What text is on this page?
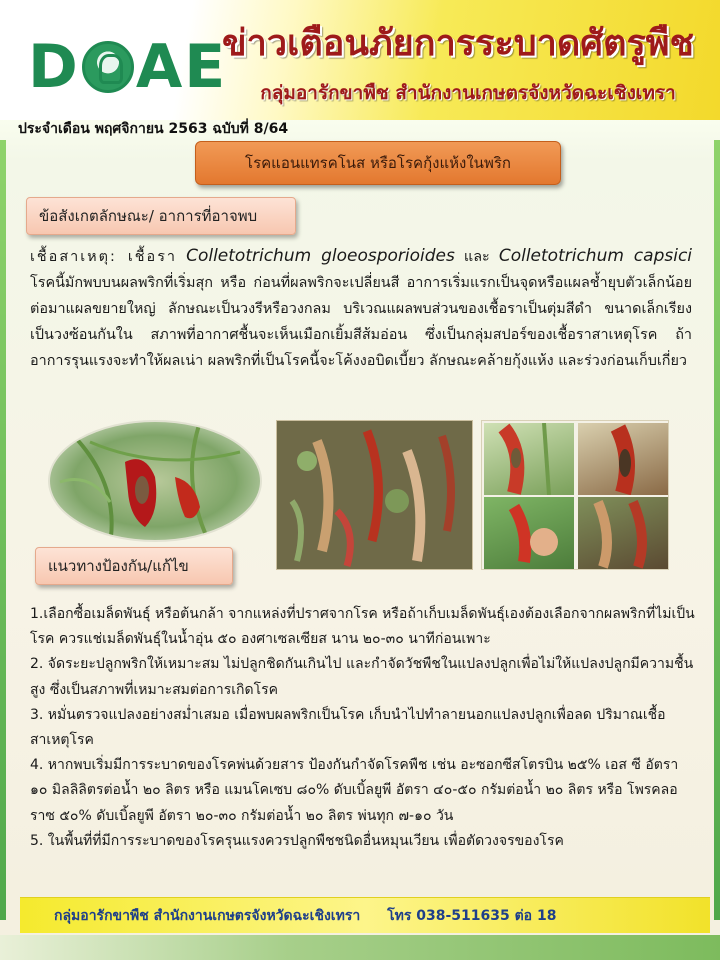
D AE
ข่าวเตือนภัยการระบาดศัตรูพืช
กลุ่มอารักขาพืช สำนักงานเกษตรจังหวัดฉะเชิงเทรา
ประจำเดือน พฤศจิกายน 2563 ฉบับที่ 8/64
โรคแอนแทรคโนส หรือโรคกุ้งแห้งในพริก
ข้อสังเกตลักษณะ/ อาการที่อาจพบ
เชื้อสาเหตุ: เชื้อรา Colletotrichum gloeosporioides และ Colletotrichum capsici โรคนี้มักพบบนผลพริกที่เริ่มสุก หรือ ก่อนที่ผลพริกจะเปลี่ยนสี อาการเริ่มแรกเป็นจุดหรือแผลช้ำยุบตัวเล็กน้อย ต่อมาแผลขยายใหญ่ ลักษณะเป็นวงรีหรือวงกลม บริเวณแผลพบส่วนของเชื้อราเป็นตุ่มสีดำ ขนาดเล็กเรียงเป็นวงซ้อนกันใน สภาพที่อากาศชื้นจะเห็นเมือกเยิ้มสีส้มอ่อน ซึ่งเป็นกลุ่มสปอร์ของเชื้อราสาเหตุโรค ถ้าอาการรุนแรงจะทำให้ผลเน่า ผลพริกที่เป็นโรคนี้จะโค้งงอบิดเบี้ยว ลักษณะคล้ายกุ้งแห้ง และร่วงก่อนเก็บเกี่ยว
แนวทางป้องกัน/แก้ไข

1.เลือกซื้อเมล็ดพันธุ์ หรือต้นกล้า จากแหล่งที่ปราศจากโรค หรือถ้าเก็บเมล็ดพันธุ์เองต้องเลือกจากผลพริกที่ไม่เป็นโรค ควรแช่เมล็ดพันธุ์ในน้ำอุ่น ๕๐ องศาเซลเซียส นาน ๒๐-๓๐ นาทีก่อนเพาะ

2. จัดระยะปลูกพริกให้เหมาะสม ไม่ปลูกชิดกันเกินไป และกำจัดวัชพืชในแปลงปลูกเพื่อไม่ให้แปลงปลูกมีความชื้นสูง ซึ่งเป็นสภาพที่เหมาะสมต่อการเกิดโรค

3. หมั่นตรวจแปลงอย่างสม่ำเสมอ เมื่อพบผลพริกเป็นโรค เก็บนำไปทำลายนอกแปลงปลูกเพื่อลด ปริมาณเชื้อสาเหตุโรค

4. หากพบเริ่มมีการระบาดของโรคพ่นด้วยสาร ป้องกันกำจัดโรคพืช เช่น อะซอกซีสโตรบิน ๒๕% เอส ซี อัตรา ๑๐ มิลลิลิตรต่อน้ำ ๒๐ ลิตร หรือ แมนโคเซบ ๘๐% ดับเบิ้ลยูพี อัตรา ๔๐-๕๐ กรัมต่อน้ำ ๒๐ ลิตร หรือ โพรคลอราซ ๕๐% ดับเบิ้ลยูพี อัตรา ๒๐-๓๐ กรัมต่อน้ำ ๒๐ ลิตร พ่นทุก ๗-๑๐ วัน

5. ในพื้นที่ที่มีการระบาดของโรครุนแรงควรปลูกพืชชนิดอื่นหมุนเวียน เพื่อตัดวงจรของโรค

กลุ่มอารักขาพืช สำนักงานเกษตรจังหวัดฉะเชิงเทรา โทร 038-511635 ต่อ 18
